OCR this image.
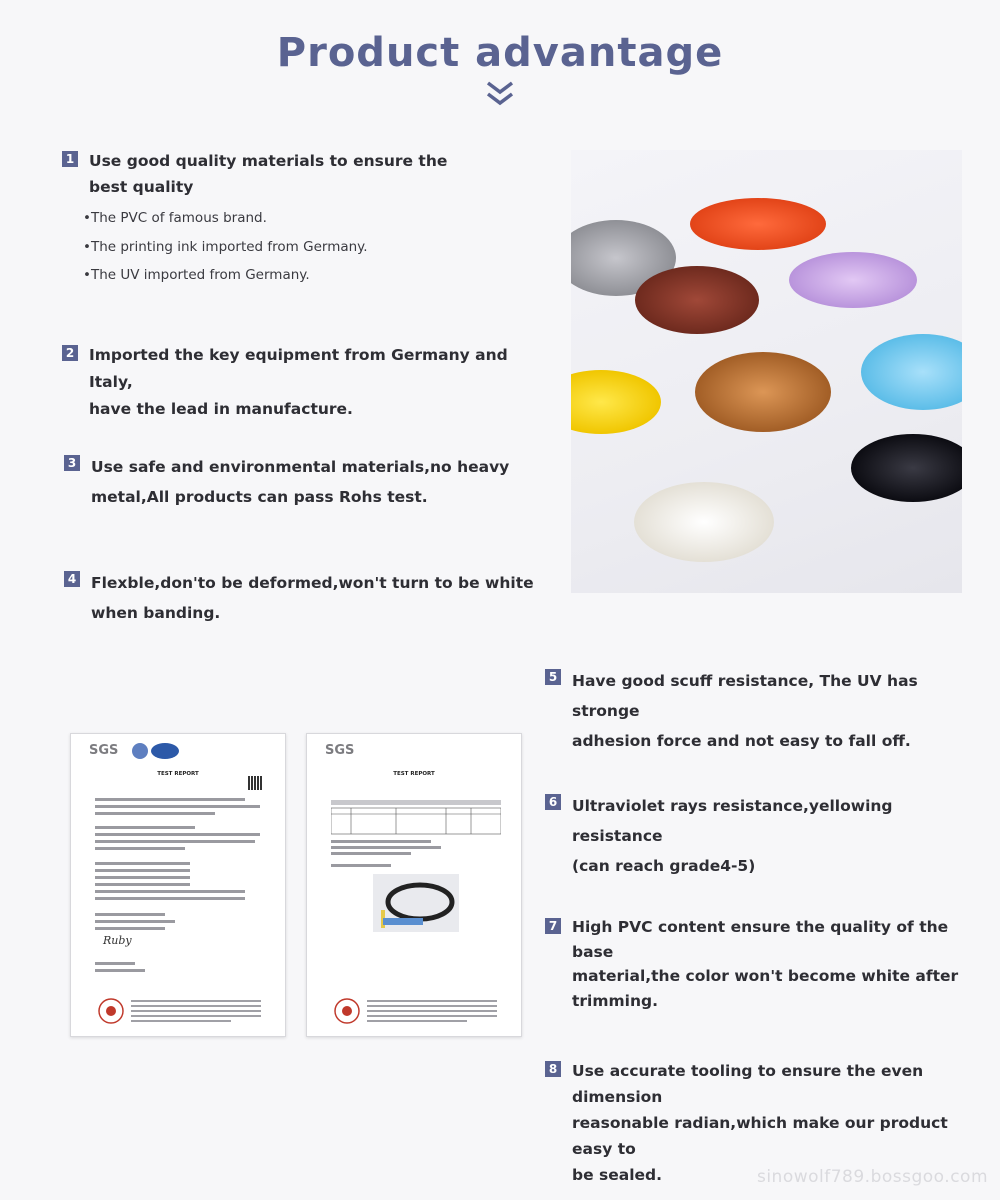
Product advantage
1 Use good quality materials to ensure the
best quality
•The PVC of famous brand.
•The printing ink imported from Germany.
•The UV imported from Germany.
2 Imported the key equipment from Germany and Italy,
have the lead in manufacture.
3 Use safe and environmental materials,no heavy
metal,All products can pass Rohs test.
4 Flexble,don'to be deformed,won't turn to be white
when banding.
5 Have good scuff resistance, The UV has stronge
adhesion force and not easy to fall off.
6 Ultraviolet rays resistance,yellowing resistance
(can reach grade4-5)
7 High PVC content ensure the quality of the base
material,the color won't become white after
trimming.
8 Use accurate tooling to ensure the even dimension
reasonable radian,which make our product easy to
be sealed.
SGS
TEST REPORT
Ruby
SGS
TEST REPORT
sinowolf789.bossgoo.com
